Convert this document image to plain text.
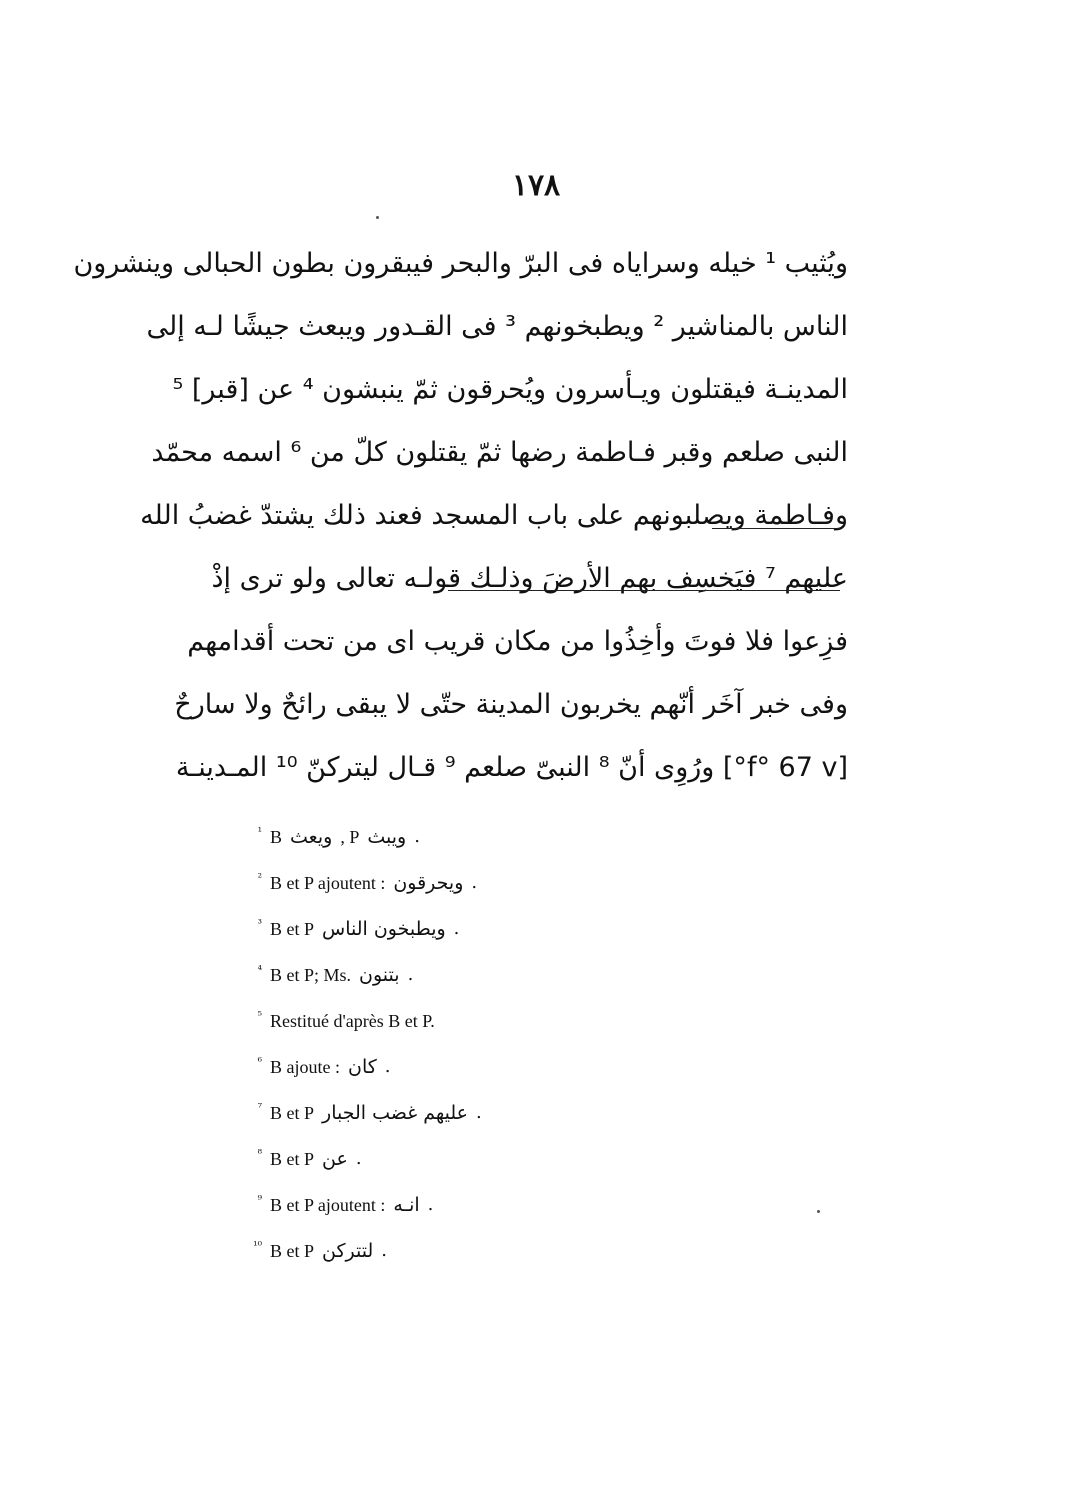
١٧٨
ويُثيب ¹ خيله وسراياه فى البرّ والبحر فيبقرون بطون الحبالى وينشرون
الناس بالمناشير ² ويطبخونهم ³ فى القـدور ويبعث جيشًا لـه إلى
المدينـة فيقتلون ويـأسرون ويُحرقون ثمّ ينبشون ⁴ عن [قبر] ⁵
النبى صلعم وقبر فـاطمة رضها ثمّ يقتلون كلّ من ⁶ اسمه محمّد
وفـاطمة ويصلبونهم على باب المسجد فعند ذلك يشتدّ غضبُ الله
عليهم ⁷ فيَخسِف بهم الأرضَ وذلـك قولـه تعالى ولو ترى إذْ
فزِعوا فلا فوتَ وأخِذُوا من مكان قريب اى من تحت أقدامهم
وفى خبر آخَر أنّهم يخربون المدينة حتّى لا يبقى رائحٌ ولا سارحٌ
[f° 67 v°] ورُوِى أنّ ⁸ النبىّ صلعم ⁹ قـال ليتركنّ ¹⁰ المـدينـة
¹ B ويعث , P ويبث .
² B et P ajoutent : ويحرقون .
³ B et P ويطبخون الناس .
⁴ B et P; Ms. بتنون .
⁵ Restitué d'après B et P.
⁶ B ajoute : كان .
⁷ B et P عليهم غضب الجبار .
⁸ B et P عن .
⁹ B et P ajoutent : انـه .
¹⁰ B et P لتتركن .
